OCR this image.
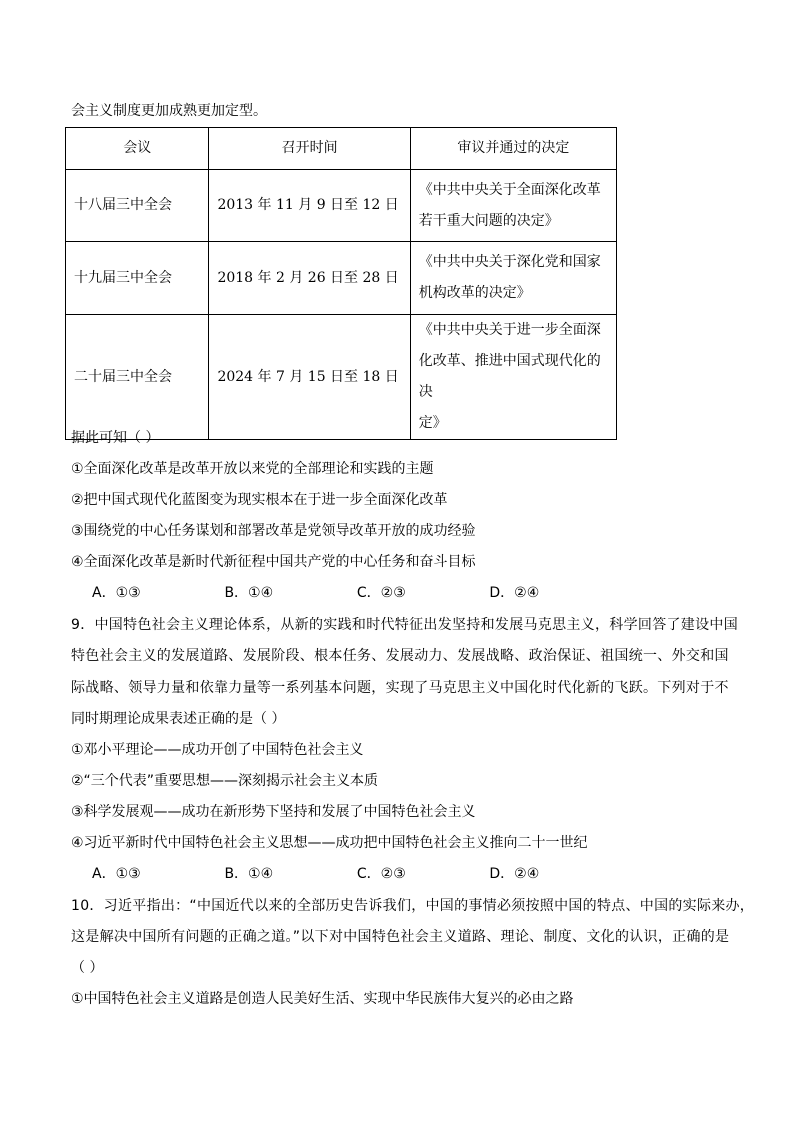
会主义制度更加成熟更加定型。
会议	召开时间	审议并通过的决定
十八届三中全会	2013 年 11 月 9 日至 12 日	《中共中央关于全面深化改革
若干重大问题的决定》

十九届三中全会	2018 年 2 月 26 日至 28 日	《中共中央关于深化党和国家
机构改革的决定》

二十届三中全会	2024 年 7 月 15 日至 18 日	《中共中央关于进一步全面深
化改革、推进中国式现代化的决
定》
据此可知（ ）
①全面深化改革是改革开放以来党的全部理论和实践的主题
②把中国式现代化蓝图变为现实根本在于进一步全面深化改革
③围绕党的中心任务谋划和部署改革是党领导改革开放的成功经验
④全面深化改革是新时代新征程中国共产党的中心任务和奋斗目标
A．①③	B．①④	C．②③	D．②④
9．中国特色社会主义理论体系，从新的实践和时代特征出发坚持和发展马克思主义，科学回答了建设中国
特色社会主义的发展道路、发展阶段、根本任务、发展动力、发展战略、政治保证、祖国统一、外交和国
际战略、领导力量和依靠力量等一系列基本问题，实现了马克思主义中国化时代化新的飞跃。下列对于不
同时期理论成果表述正确的是（ ）
①邓小平理论——成功开创了中国特色社会主义
②“三个代表”重要思想——深刻揭示社会主义本质
③科学发展观——成功在新形势下坚持和发展了中国特色社会主义
④习近平新时代中国特色社会主义思想——成功把中国特色社会主义推向二十一世纪
A．①③	B．①④	C．②③	D．②④
10．习近平指出：“中国近代以来的全部历史告诉我们，中国的事情必须按照中国的特点、中国的实际来办，
这是解决中国所有问题的正确之道。”以下对中国特色社会主义道路、理论、制度、文化的认识，正确的是
（ ）
①中国特色社会主义道路是创造人民美好生活、实现中华民族伟大复兴的必由之路
